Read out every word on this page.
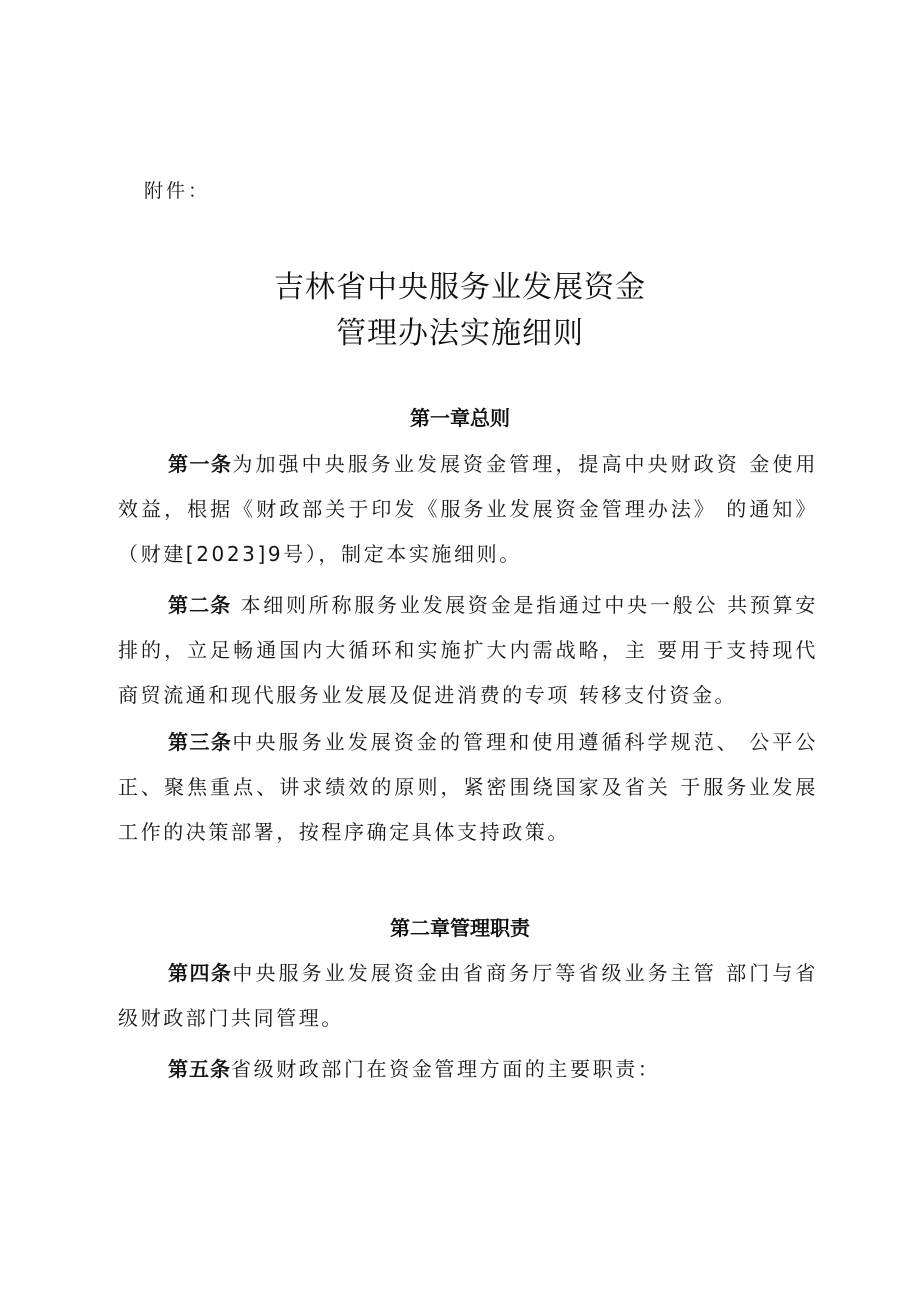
附件：
吉林省中央服务业发展资金
管理办法实施细则
第一章总则

第一条为加强中央服务业发展资金管理，提高中央财政资 金使用效益，根据《财政部关于印发《服务业发展资金管理办法》 的通知》（财建[2023]9号），制定本实施细则。

第二条 本细则所称服务业发展资金是指通过中央一般公 共预算安排的，立足畅通国内大循环和实施扩大内需战略，主 要用于支持现代商贸流通和现代服务业发展及促进消费的专项 转移支付资金。

第三条中央服务业发展资金的管理和使用遵循科学规范、 公平公正、聚焦重点、讲求绩效的原则，紧密围绕国家及省关 于服务业发展工作的决策部署，按程序确定具体支持政策。

第二章管理职责

第四条中央服务业发展资金由省商务厅等省级业务主管 部门与省级财政部门共同管理。

第五条省级财政部门在资金管理方面的主要职责：
